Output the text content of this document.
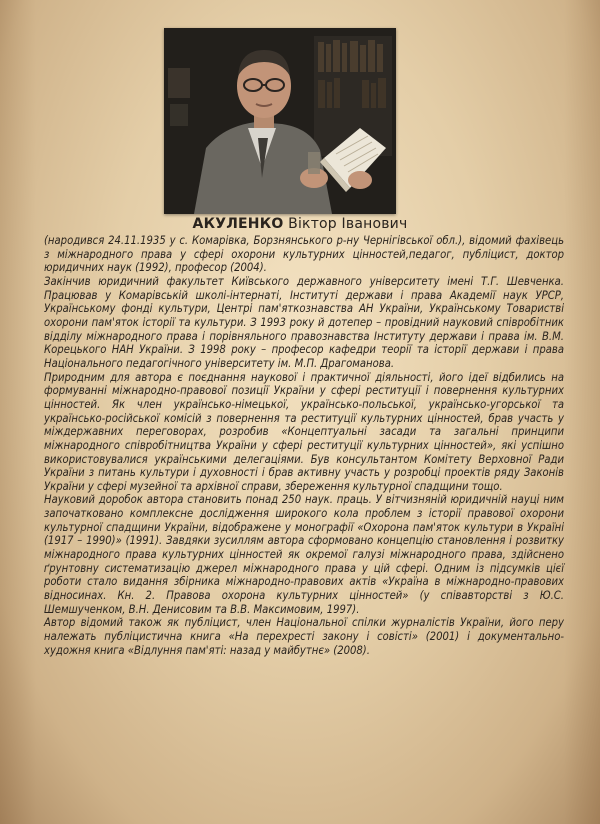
АКУЛЕНКО Віктор Іванович

(народився 24.11.1935 у с. Комарівка, Борзнянського р-ну Чернігівської обл.), відомий фахівець з міжнародного права у сфері охорони культурних цінностей,педагог, публіцист, доктор юридичних наук (1992), професор (2004).

Закінчив юридичний факультет Київського державного університету імені Т.Г. Шевченка. Працював у Комарівській школі-інтернаті, Інституті держави і права Академії наук УРСР, Українському фонді культури, Центрі пам'яткознавства АН України, Українському Товаристві охорони пам'яток історії та культури. З 1993 року й дотепер – провідний науковий співробітник відділу міжнародного права і порівняльного правознавства Інституту держави і права ім. В.М. Корецького НАН України. З 1998 року – професор кафедри теорії та історії держави і права Національного педагогічного університету ім. М.П. Драгоманова.

Природним для автора є поєднання наукової і практичної діяльності, його ідеї відбились на формуванні міжнародно-правової позиції України у сфері реституції і повернення культурних цінностей. Як член українсько-німецької, українсько-польської, українсько-угорської та українсько-російської комісій з повернення та реституції культурних цінностей, брав участь у міждержавних переговорах, розробив «Концептуальні засади та загальні принципи міжнародного співробітництва України у сфері реституції культурних цінностей», які успішно використовувалися українськими делегаціями. Був консультантом Комітету Верховної Ради України з питань культури і духовності і брав активну участь у розробці проектів ряду Законів України у сфері музейної та архівної справи, збереження культурної спадщини тощо.

Науковий доробок автора становить понад 250 наук. праць. У вітчизняній юридичній науці ним започатковано комплексне дослідження широкого кола проблем з історії правової охорони культурної спадщини України, відображене у монографії «Охорона пам'яток культури в Україні (1917 – 1990)» (1991). Завдяки зусиллям автора сформовано концепцію становлення і розвитку міжнародного права культурних цінностей як окремої галузі міжнародного права, здійснено ґрунтовну систематизацію джерел міжнародного права у цій сфері. Одним із підсумків цієї роботи стало видання збірника міжнародно-правових актів «Україна в міжнародно-правових відносинах. Кн. 2. Правова охорона культурних цінностей» (у співавторстві з Ю.С. Шемшученком, В.Н. Денисовим та В.В. Максимовим, 1997).

Автор відомий також як публіцист, член Національної спілки журналістів України, його перу належать публіцистична книга «На перехресті закону і совісті» (2001) і документально-художня книга «Відлуння пам'яті: назад у майбутнє» (2008).
